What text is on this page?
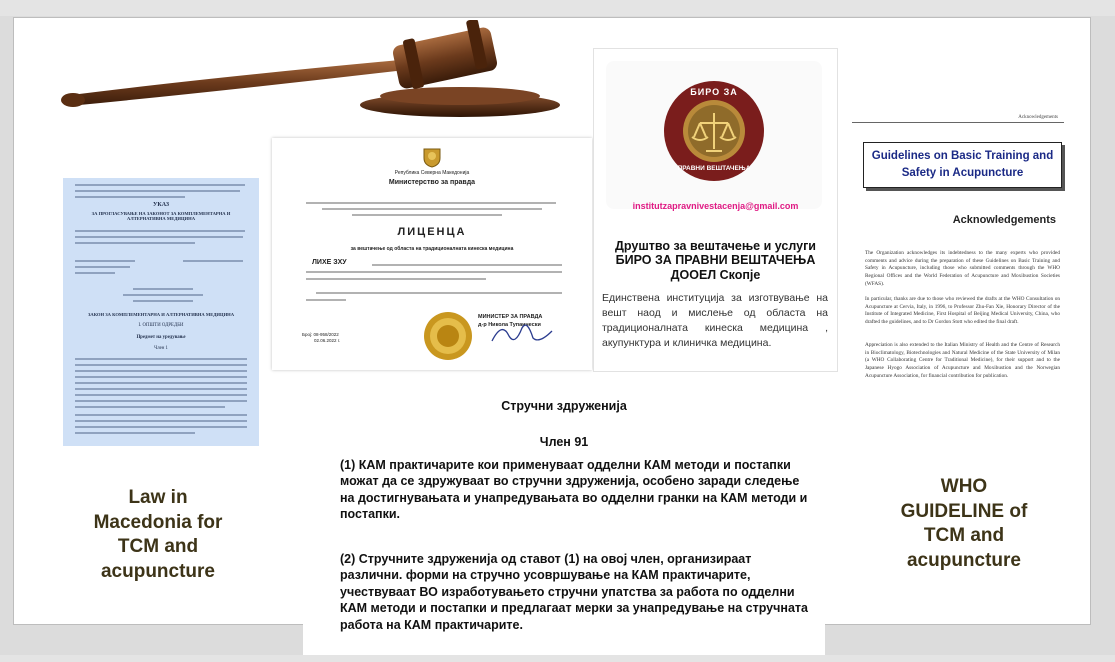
УКАЗ
ЗА ПРОГЛАСУВАЊЕ НА ЗАКОНОТ ЗА КОМПЛЕМЕНТАРНА И АЛТЕРНАТИВНА МЕДИЦИНА
ЗАКОН ЗА КОМПЛЕМЕНТАРНА И АЛТЕРНАТИВНА МЕДИЦИНА
I. ОПШТИ ОДРЕДБИ
Предмет на уредување
Член 1
Република Северна Македонија
Министерство за правда
ЛИЦЕНЦА
за вештачење од областа на традиционалната кинеска медицина
ЛИХЕ ЗХУ
МИНИСТЕР ЗА ПРАВДА
д-р Никола Тупанчески
Број: 08-958/2022
02.06.2022 г.
БИРО ЗА
ПРАВНИ ВЕШТАЧЕЊА
institutzapravnivestacenja@gmail.com
Друштво за вештачење и услуги
БИРО ЗА ПРАВНИ ВЕШТАЧЕЊА
ДООЕЛ Скопје
Единствена институција за изготвување на вешт наод и мислење од областа на традиционалната кинеска медицина , акупунктура и клиничка медицина.
Acknowledgements
Guidelines on Basic Training and
Safety in Acupuncture
Acknowledgements
The Organization acknowledges its indebtedness to the many experts who provided comments and advice during the preparation of these Guidelines on Basic Training and Safety in Acupuncture, including those who submitted comments through the WHO Regional Offices and the World Federation of Acupuncture and Moxibustion Societies (WFAS).
In particular, thanks are due to those who reviewed the drafts at the WHO Consultation on Acupuncture at Cervia, Italy, in 1996, to Professor Zhu-Fan Xie, Honorary Director of the Institute of Integrated Medicine, First Hospital of Beijing Medical University, China, who drafted the guidelines, and to Dr Gordon Stott who edited the final draft.
Appreciation is also extended to the Italian Ministry of Health and the Centre of Research in Bioclimatology, Biotechnologies and Natural Medicine of the State University of Milan (a WHO Collaborating Centre for Traditional Medicine), for their support and to the Japanese Hyogo Association of Acupuncture and Moxibustion and the Norwegian Acupuncture Association, for financial contribution for publication.
Law in
Macedonia for
TCM and
acupuncture
WHO
GUIDELINE of
TCM and
acupuncture
Стручни здруженија
Член 91
(1) КАМ практичарите кои применуваат одделни КАМ методи и постапки можат да се здружуваат во стручни здруженија, особено заради следење на достигнувањата и унапредувањата во одделни гранки на КАМ методи и постапки.
(2) Стручните здруженија од ставот (1) на овој член, организираат различни. форми на стручно усовршување на КАМ практичарите, учествуваат ВО изработувањето стручни упатства за работа по одделни КАМ методи и постапки и предлагаат мерки за унапредување на стручната работа на КАМ практичарите.
